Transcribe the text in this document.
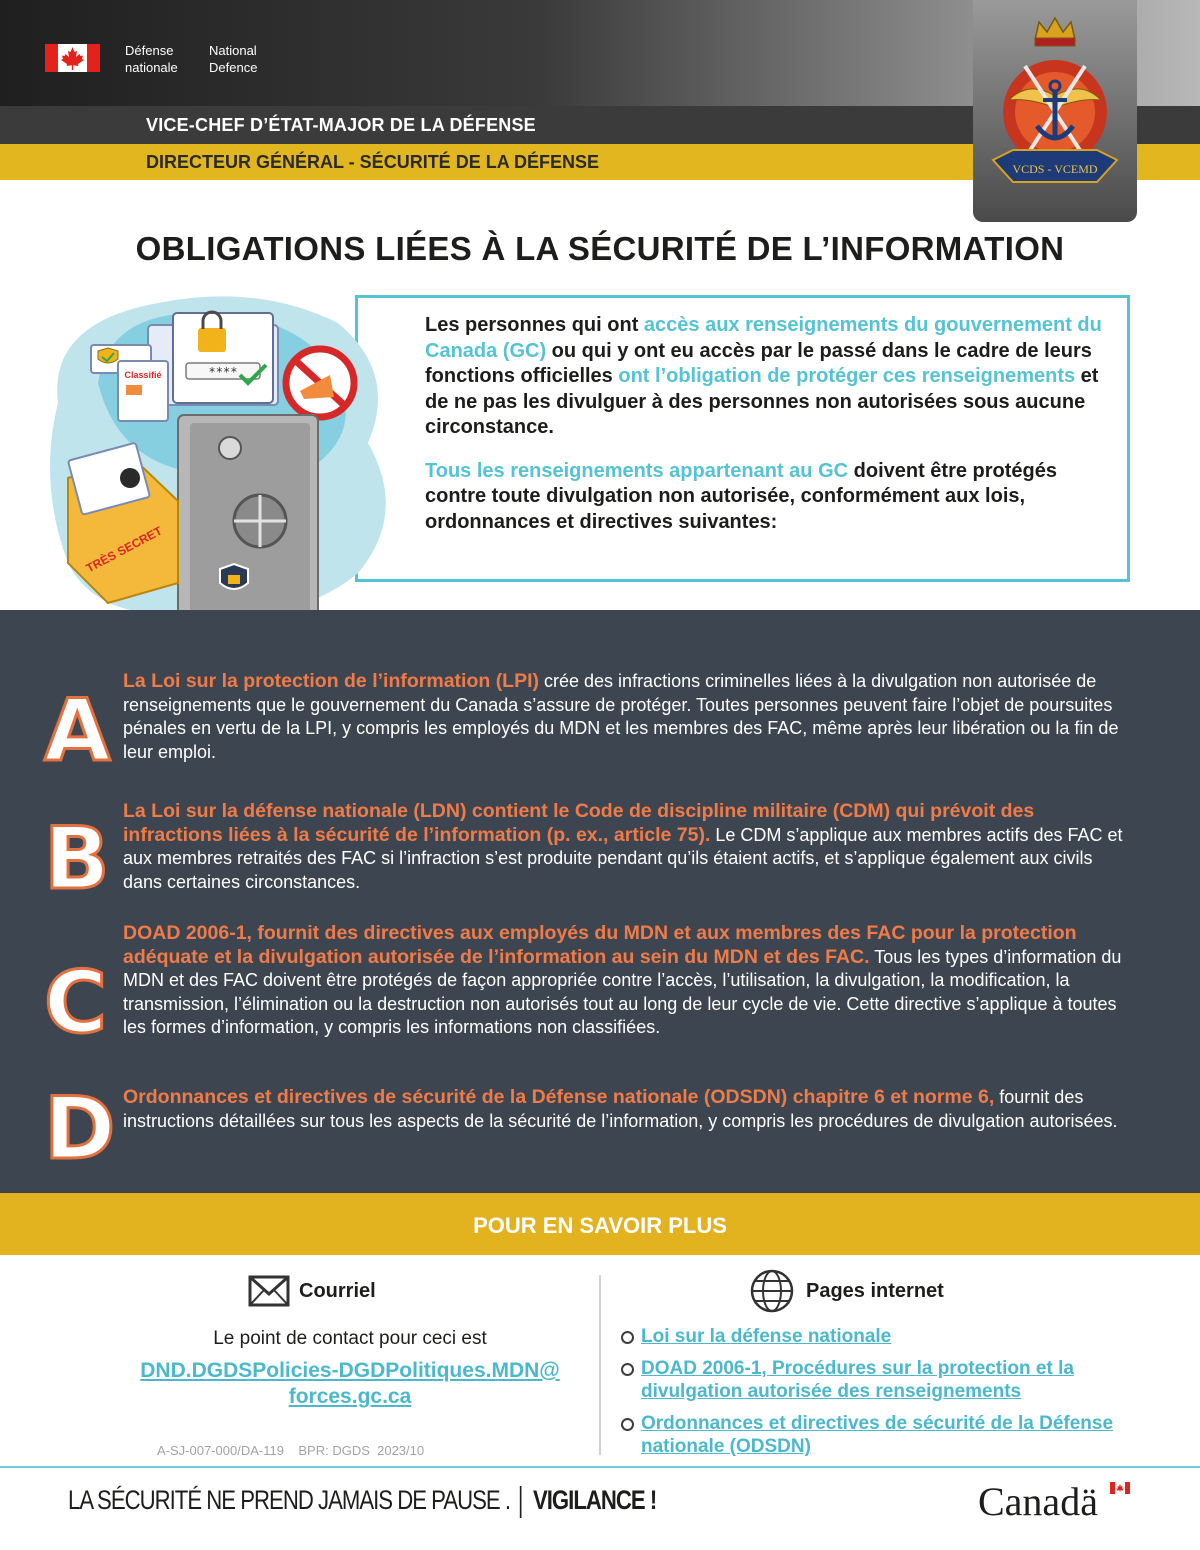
Défense
nationale
National
Defence
VICE-CHEF D’ÉTAT-MAJOR DE LA DÉFENSE
DIRECTEUR GÉNÉRAL - SÉCURITÉ DE LA DÉFENSE	VCDS - VCEMD
OBLIGATIONS LIÉES À LA SÉCURITÉ DE L’INFORMATION
****
Classifié
TRÈS SECRET

Les personnes qui ont accès aux renseignements du gouvernement du Canada (GC) ou qui y ont eu accès par le passé dans le cadre de leurs fonctions officielles ont l’obligation de protéger ces renseignements et de ne pas les divulguer à des personnes non autorisées sous aucune circonstance.

Tous les renseignements appartenant au GC doivent être protégés contre toute divulgation non autorisée, conformément aux lois, ordonnances et directives suivantes:

A La Loi sur la protection de l’information (LPI) crée des infractions criminelles liées à la divulgation non autorisée de renseignements que le gouvernement du Canada s’assure de protéger. Toutes personnes peuvent faire l’objet de poursuites pénales en vertu de la LPI, y compris les employés du MDN et les membres des FAC, même après leur libération ou la fin de leur emploi.
B La Loi sur la défense nationale (LDN) contient le Code de discipline militaire (CDM) qui prévoit des infractions liées à la sécurité de l’information (p. ex., article 75). Le CDM s’applique aux membres actifs des FAC et aux membres retraités des FAC si l’infraction s’est produite pendant qu’ils étaient actifs, et s’applique également aux civils dans certaines circonstances.
C
DOAD 2006-1, fournit des directives aux employés du MDN et aux membres des FAC pour la protection adéquate et la divulgation autorisée de l’information au sein du MDN et des FAC. Tous les types d’information du MDN et des FAC doivent être protégés de façon appropriée contre l’accès, l’utilisation, la divulgation, la modification, la transmission, l’élimination ou la destruction non autorisés tout au long de leur cycle de vie. Cette directive s’applique à toutes les formes d’information, y compris les informations non classifiées.
D Ordonnances et directives de sécurité de la Défense nationale (ODSDN) chapitre 6 et norme 6, fournit des instructions détaillées sur tous les aspects de la sécurité de l’information, y compris les procédures de divulgation autorisées.
POUR EN SAVOIR PLUS
Courriel	Pages internet
Le point de contact pour ceci est
DND.DGDSPolicies-DGDPolitiques.MDN@
forces.gc.ca
A-SJ-007-000/DA-119    BPR: DGDS  2023/10
Loi sur la défense nationale
DOAD 2006-1, Procédures sur la protection et la divulgation autorisée des renseignements
Ordonnances et directives de sécurité de la Défense nationale (ODSDN)
LA SÉCURITÉ NE PREND JAMAIS DE PAUSE . VIGILANCE !	Canadä
